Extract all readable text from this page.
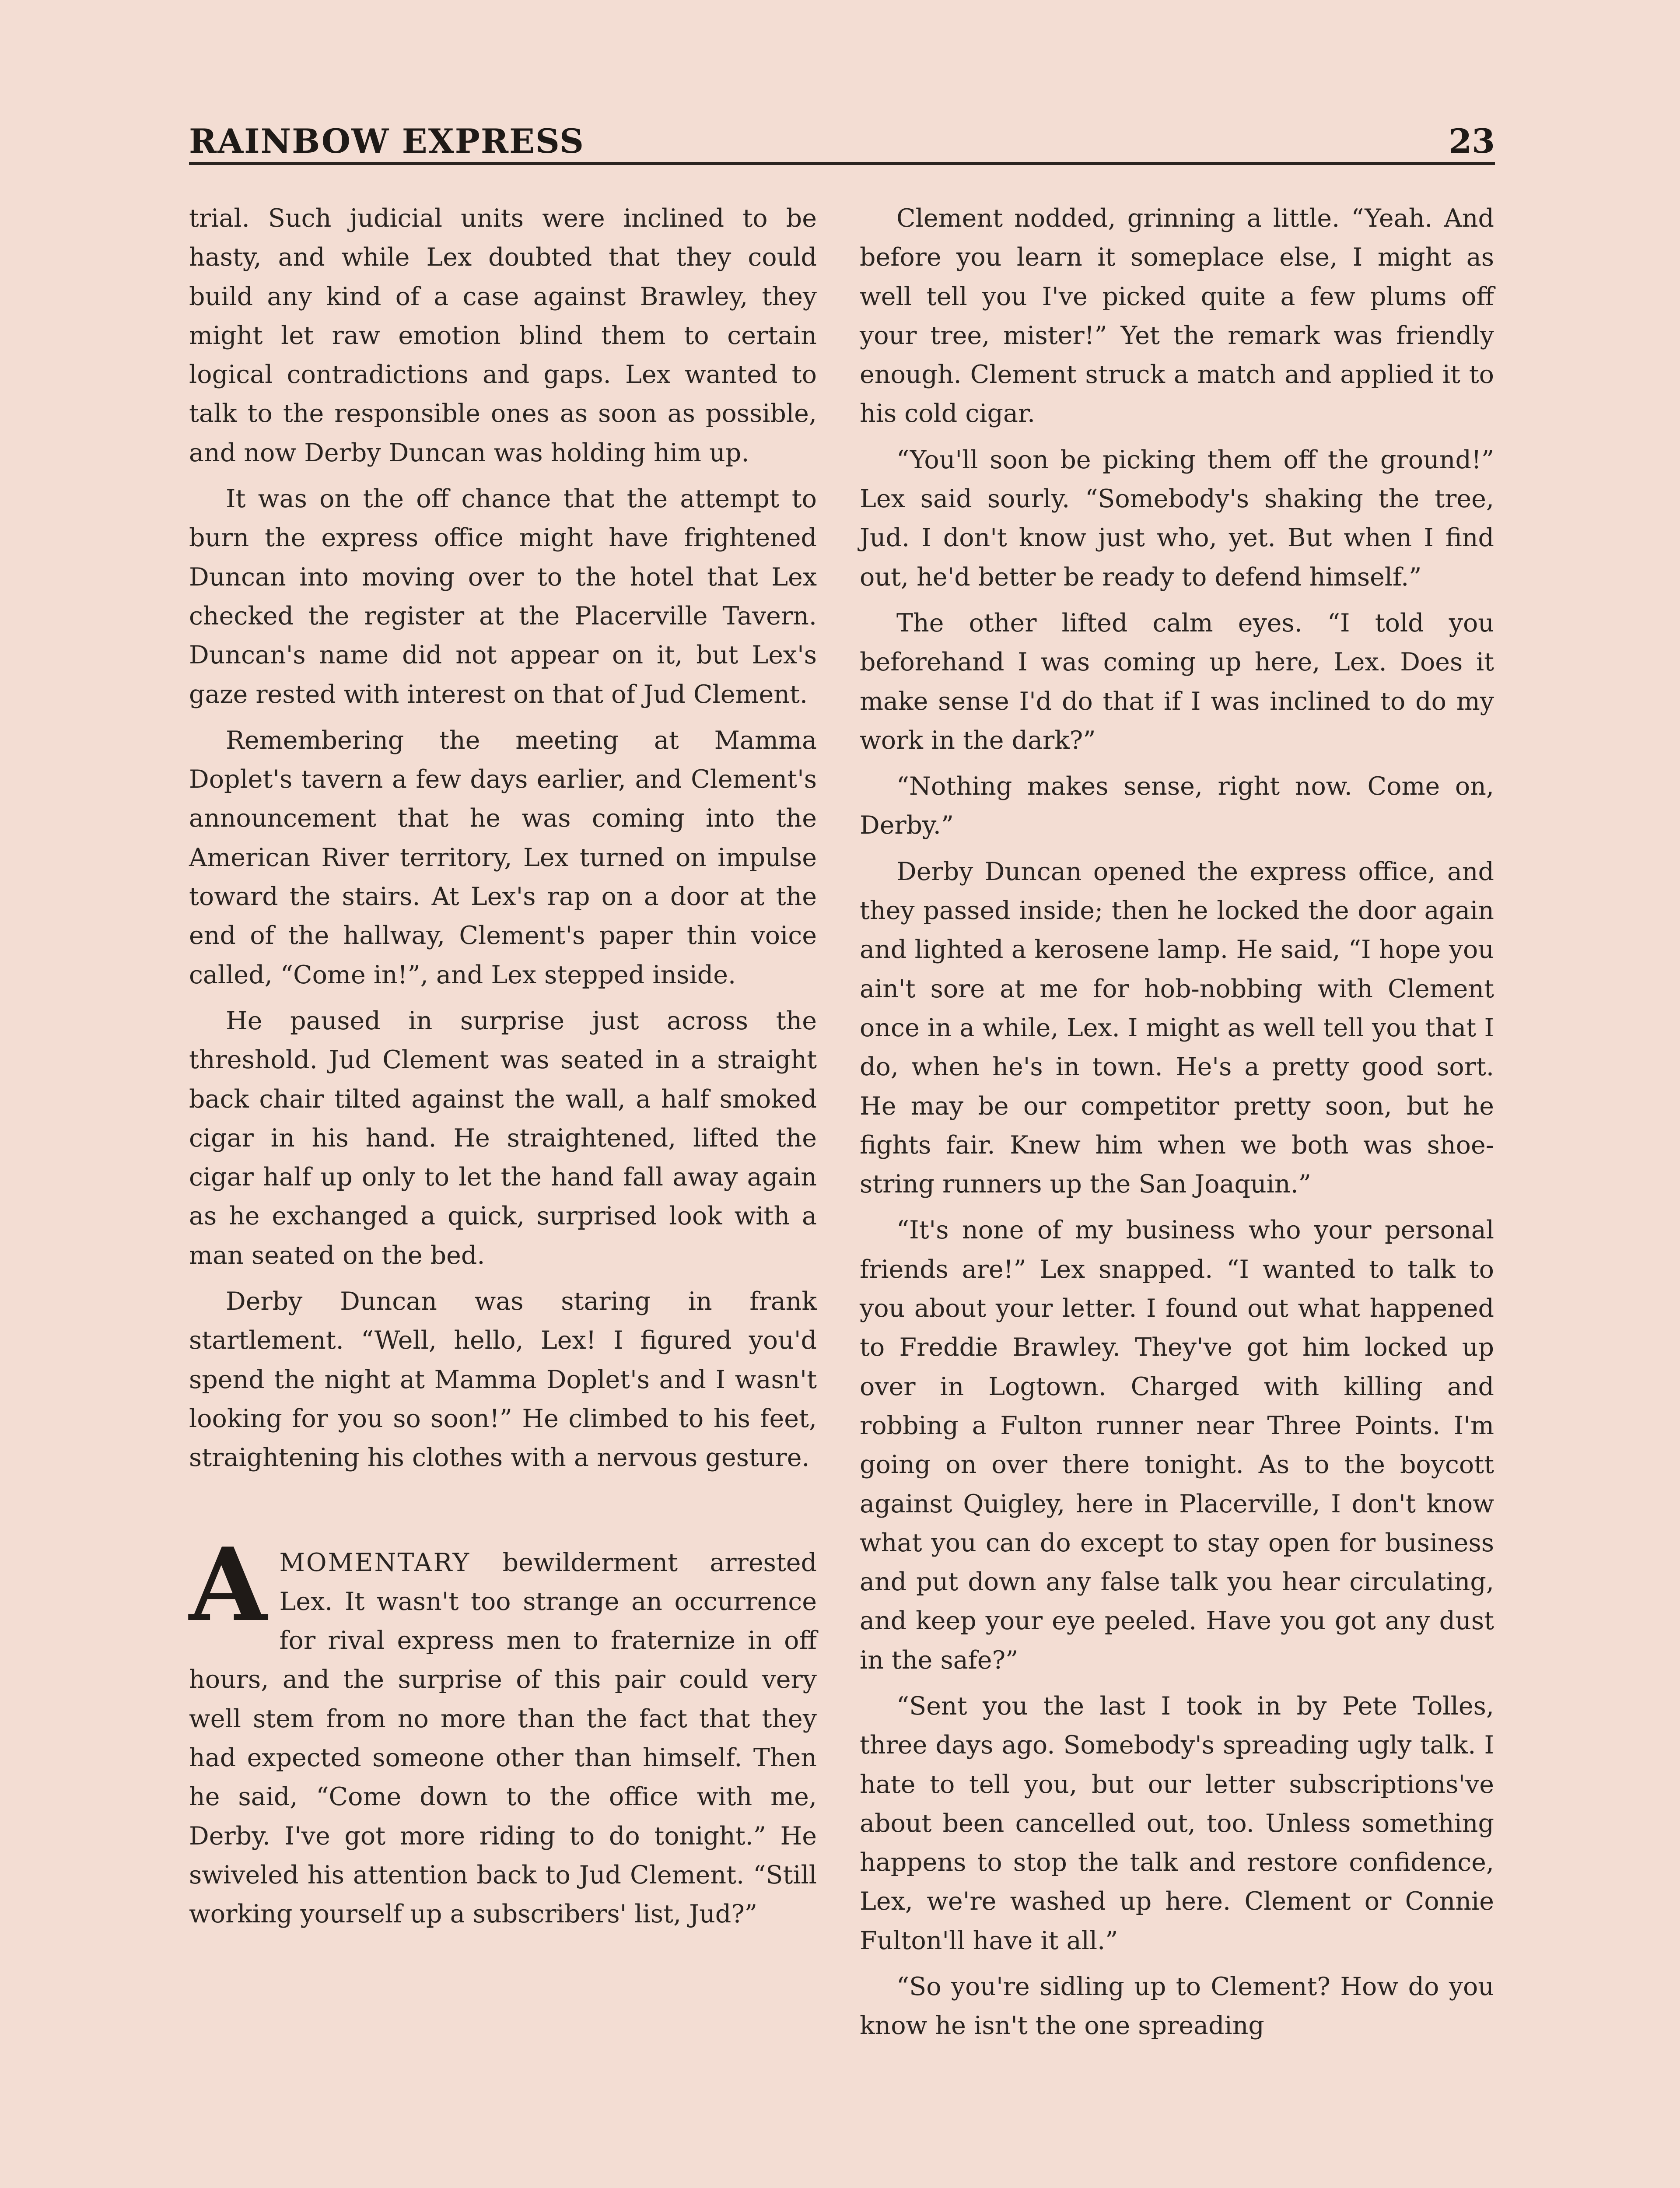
RAINBOW EXPRESS	23

trial. Such judicial units were inclined to be hasty, and while Lex doubted that they could build any kind of a case against Brawley, they might let raw emotion blind them to certain logical contradictions and gaps. Lex wanted to talk to the responsible ones as soon as possible, and now Derby Duncan was holding him up.

It was on the off chance that the attempt to burn the express office might have frightened Duncan into moving over to the hotel that Lex checked the register at the Placerville Tavern. Duncan's name did not appear on it, but Lex's gaze rested with interest on that of Jud Clement.

Remembering the meeting at Mamma Doplet's tavern a few days earlier, and Clement's announcement that he was coming into the American River territory, Lex turned on impulse toward the stairs. At Lex's rap on a door at the end of the hallway, Clement's paper thin voice called, “Come in!”, and Lex stepped inside.

He paused in surprise just across the threshold. Jud Clement was seated in a straight back chair tilted against the wall, a half smoked cigar in his hand. He straightened, lifted the cigar half up only to let the hand fall away again as he exchanged a quick, surprised look with a man seated on the bed.

Derby Duncan was staring in frank startlement. “Well, hello, Lex! I figured you'd spend the night at Mamma Doplet's and I wasn't looking for you so soon!” He climbed to his feet, straightening his clothes with a nervous gesture.

AMOMENTARY bewilderment arrested Lex. It wasn't too strange an occurrence for rival express men to fraternize in off hours, and the surprise of this pair could very well stem from no more than the fact that they had expected someone other than himself. Then he said, “Come down to the office with me, Derby. I've got more riding to do tonight.” He swiveled his attention back to Jud Clement. “Still working yourself up a subscribers' list, Jud?”

Clement nodded, grinning a little. “Yeah. And before you learn it someplace else, I might as well tell you I've picked quite a few plums off your tree, mister!” Yet the remark was friendly enough. Clement struck a match and applied it to his cold cigar.

“You'll soon be picking them off the ground!” Lex said sourly. “Somebody's shaking the tree, Jud. I don't know just who, yet. But when I find out, he'd better be ready to defend himself.”

The other lifted calm eyes. “I told you beforehand I was coming up here, Lex. Does it make sense I'd do that if I was inclined to do my work in the dark?”

“Nothing makes sense, right now. Come on, Derby.”

Derby Duncan opened the express office, and they passed inside; then he locked the door again and lighted a kerosene lamp. He said, “I hope you ain't sore at me for hob-nobbing with Clement once in a while, Lex. I might as well tell you that I do, when he's in town. He's a pretty good sort. He may be our competitor pretty soon, but he fights fair. Knew him when we both was shoe-string runners up the San Joaquin.”

“It's none of my business who your personal friends are!” Lex snapped. “I wanted to talk to you about your letter. I found out what happened to Freddie Brawley. They've got him locked up over in Logtown. Charged with killing and robbing a Fulton runner near Three Points. I'm going on over there tonight. As to the boycott against Quigley, here in Placerville, I don't know what you can do except to stay open for business and put down any false talk you hear circulating, and keep your eye peeled. Have you got any dust in the safe?”

“Sent you the last I took in by Pete Tolles, three days ago. Somebody's spreading ugly talk. I hate to tell you, but our letter subscriptions've about been cancelled out, too. Unless something happens to stop the talk and restore confidence, Lex, we're washed up here. Clement or Connie Fulton'll have it all.”

“So you're sidling up to Clement? How do you know he isn't the one spreading
